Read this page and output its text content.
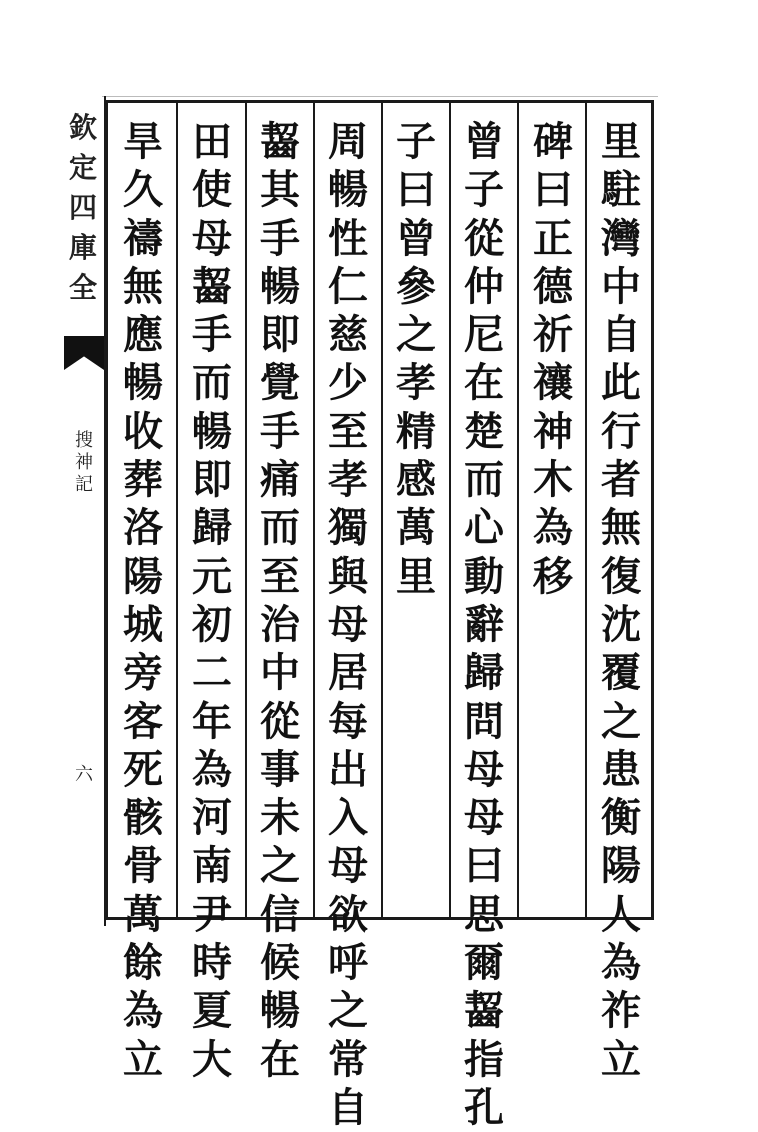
欽
定
四
庫
全
搜
神
記
六
里
駐
灣
中
自
此
行
者
無
復
沈
覆
之
患
衡
陽
人
為
祚
立
碑
曰
正
德
祈
禳
神
木
為
移
曾
子
從
仲
尼
在
楚
而
心
動
辭
歸
問
母
母
曰
思
爾
齧
指
孔
子
曰
曾
參
之
孝
精
感
萬
里
周
暢
性
仁
慈
少
至
孝
獨
與
母
居
每
出
入
母
欲
呼
之
常
自
齧
其
手
暢
即
覺
手
痛
而
至
治
中
從
事
未
之
信
候
暢
在
田
使
母
齧
手
而
暢
即
歸
元
初
二
年
為
河
南
尹
時
夏
大
旱
久
禱
無
應
暢
收
葬
洛
陽
城
旁
客
死
骸
骨
萬
餘
為
立
